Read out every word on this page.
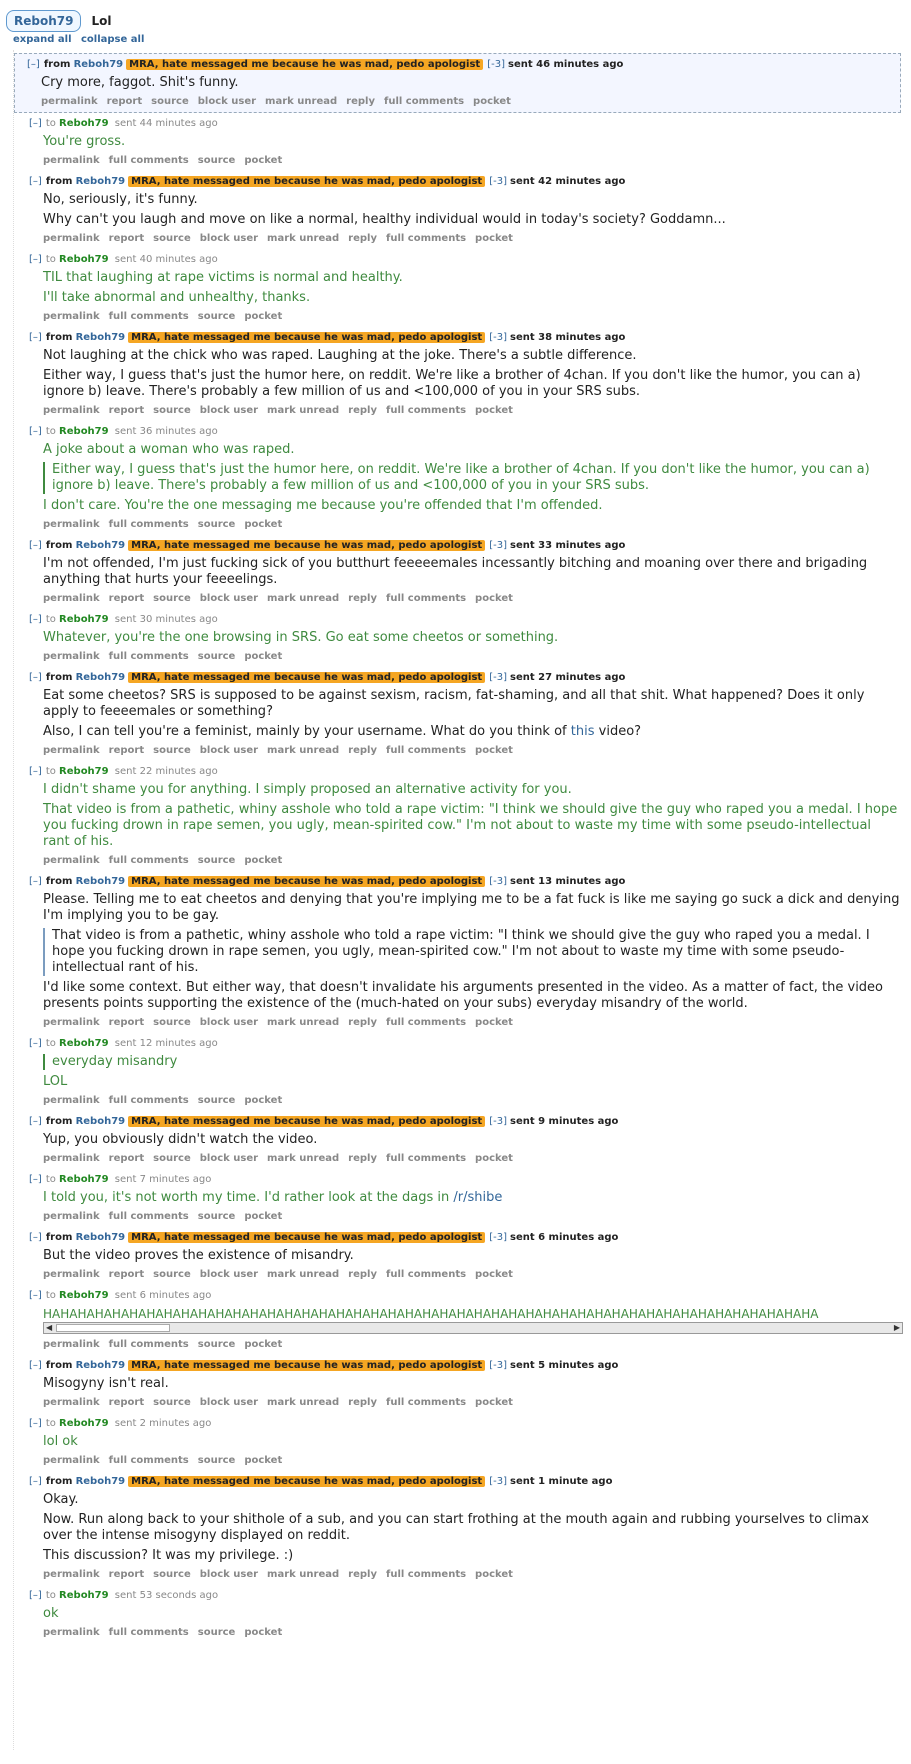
Reboh79	Lol
expand all collapse all
[–] from Reboh79 MRA, hate messaged me because he was mad, pedo apologist [-3] sent 46 minutes ago

Cry more, faggot. Shit's funny.

permalink report source block user mark unread reply full comments pocket
[–] to Reboh79 sent 44 minutes ago

You're gross.

permalink full comments source pocket
[–] from Reboh79 MRA, hate messaged me because he was mad, pedo apologist [-3] sent 42 minutes ago

No, seriously, it's funny.

Why can't you laugh and move on like a normal, healthy individual would in today's society? Goddamn...

permalink report source block user mark unread reply full comments pocket
[–] to Reboh79 sent 40 minutes ago

TIL that laughing at rape victims is normal and healthy.

I'll take abnormal and unhealthy, thanks.

permalink full comments source pocket
[–] from Reboh79 MRA, hate messaged me because he was mad, pedo apologist [-3] sent 38 minutes ago

Not laughing at the chick who was raped. Laughing at the joke. There's a subtle difference.

Either way, I guess that's just the humor here, on reddit. We're like a brother of 4chan. If you don't like the humor, you can a) ignore b) leave. There's probably a few million of us and <100,000 of you in your SRS subs.

permalink report source block user mark unread reply full comments pocket
[–] to Reboh79 sent 36 minutes ago

A joke about a woman who was raped.

Either way, I guess that's just the humor here, on reddit. We're like a brother of 4chan. If you don't like the humor, you can a) ignore b) leave. There's probably a few million of us and <100,000 of you in your SRS subs.

I don't care. You're the one messaging me because you're offended that I'm offended.

permalink full comments source pocket
[–] from Reboh79 MRA, hate messaged me because he was mad, pedo apologist [-3] sent 33 minutes ago

I'm not offended, I'm just fucking sick of you butthurt feeeeemales incessantly bitching and moaning over there and brigading anything that hurts your feeeelings.

permalink report source block user mark unread reply full comments pocket
[–] to Reboh79 sent 30 minutes ago

Whatever, you're the one browsing in SRS. Go eat some cheetos or something.

permalink full comments source pocket
[–] from Reboh79 MRA, hate messaged me because he was mad, pedo apologist [-3] sent 27 minutes ago

Eat some cheetos? SRS is supposed to be against sexism, racism, fat-shaming, and all that shit. What happened? Does it only apply to feeeemales or something?

Also, I can tell you're a feminist, mainly by your username. What do you think of this video?

permalink report source block user mark unread reply full comments pocket
[–] to Reboh79 sent 22 minutes ago

I didn't shame you for anything. I simply proposed an alternative activity for you.

That video is from a pathetic, whiny asshole who told a rape victim: "I think we should give the guy who raped you a medal. I hope you fucking drown in rape semen, you ugly, mean-spirited cow." I'm not about to waste my time with some pseudo-intellectual rant of his.

permalink full comments source pocket
[–] from Reboh79 MRA, hate messaged me because he was mad, pedo apologist [-3] sent 13 minutes ago

Please. Telling me to eat cheetos and denying that you're implying me to be a fat fuck is like me saying go suck a dick and denying I'm implying you to be gay.

That video is from a pathetic, whiny asshole who told a rape victim: "I think we should give the guy who raped you a medal. I hope you fucking drown in rape semen, you ugly, mean-spirited cow." I'm not about to waste my time with some pseudo-intellectual rant of his.

I'd like some context. But either way, that doesn't invalidate his arguments presented in the video. As a matter of fact, the video presents points supporting the existence of the (much-hated on your subs) everyday misandry of the world.

permalink report source block user mark unread reply full comments pocket
[–] to Reboh79 sent 12 minutes ago
everyday misandry

LOL

permalink full comments source pocket
[–] from Reboh79 MRA, hate messaged me because he was mad, pedo apologist [-3] sent 9 minutes ago

Yup, you obviously didn't watch the video.

permalink report source block user mark unread reply full comments pocket
[–] to Reboh79 sent 7 minutes ago

I told you, it's not worth my time. I'd rather look at the dags in /r/shibe

permalink full comments source pocket
[–] from Reboh79 MRA, hate messaged me because he was mad, pedo apologist [-3] sent 6 minutes ago

But the video proves the existence of misandry.

permalink report source block user mark unread reply full comments pocket
[–] to Reboh79 sent 6 minutes ago
HAHAHAHAHAHAHAHAHAHAHAHAHAHAHAHAHAHAHAHAHAHAHAHAHAHAHAHAHAHAHAHAHAHAHAHAHAHAHAHAHAHAHAHAHA
◀	▶
permalink full comments source pocket
[–] from Reboh79 MRA, hate messaged me because he was mad, pedo apologist [-3] sent 5 minutes ago

Misogyny isn't real.

permalink report source block user mark unread reply full comments pocket
[–] to Reboh79 sent 2 minutes ago

lol ok

permalink full comments source pocket
[–] from Reboh79 MRA, hate messaged me because he was mad, pedo apologist [-3] sent 1 minute ago

Okay.

Now. Run along back to your shithole of a sub, and you can start frothing at the mouth again and rubbing yourselves to climax over the intense misogyny displayed on reddit.

This discussion? It was my privilege. :)

permalink report source block user mark unread reply full comments pocket
[–] to Reboh79 sent 53 seconds ago

ok

permalink full comments source pocket
